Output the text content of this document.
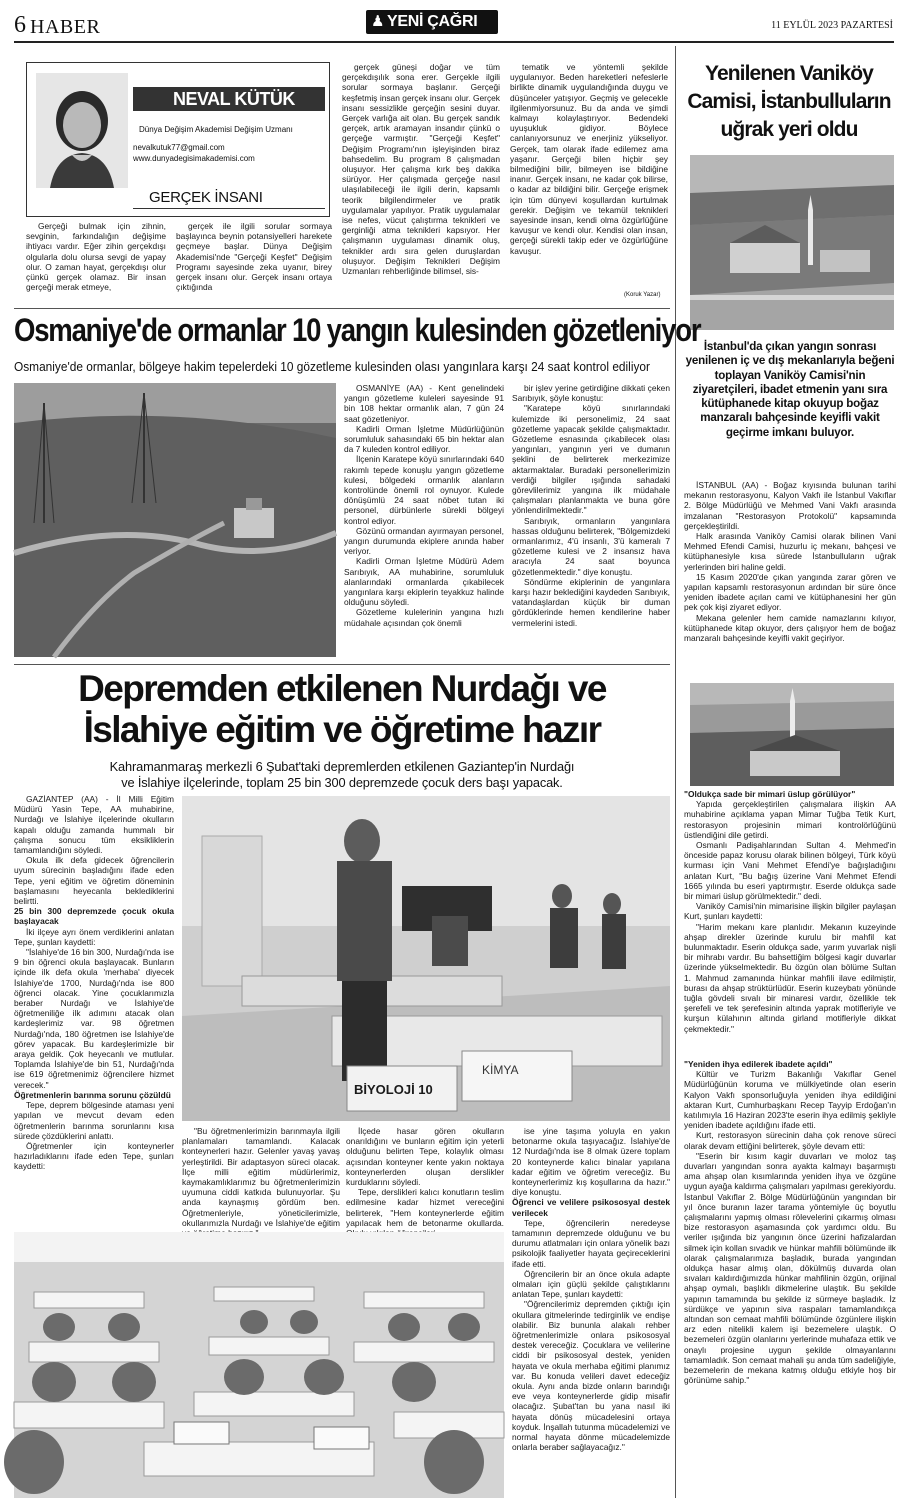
6 HABER	♟ YENİ ÇAĞRI	11 EYLÜL 2023 PAZARTESİ
NEVAL KÜTÜK
Dünya Değişim Akademisi Değişim Uzmanı
nevalkutuk77@gmail.com
www.dunyadegisimakademisi.com
GERÇEK İNSANI

Gerçeği bulmak için zihnin, sevginin, farkındalığın değişime ihtiyacı vardır. Eğer zihin gerçekdışı olgularla dolu olursa sevgi de yapay olur. O zaman hayat, gerçekdışı olur çünkü gerçek olamaz. Bir insan gerçeği merak etmeye,

gerçek ile ilgili sorular sormaya başlayınca beynin potansiyelleri harekete geçmeye başlar. Dünya Değişim Akademisi'nde "Gerçeği Keşfet" Değişim Programı sayesinde zeka uyanır, birey gerçek insanı olur. Gerçek insanı ortaya çıktığında

gerçek güneşi doğar ve tüm gerçekdışılık sona erer. Gerçekle ilgili sorular sormaya başlanır. Gerçeği keşfetmiş insan gerçek insanı olur. Gerçek insanı sessizlikle gerçeğin sesini duyar. Gerçek varlığa ait olan. Bu gerçek sandık gerçek, artık aramayan insandır çünkü o gerçeğe varmıştır. "Gerçeği Keşfet" Değişim Programı'nın işleyişinden biraz bahsedelim. Bu program 8 çalışmadan oluşuyor. Her çalışma kırk beş dakika sürüyor. Her çalışmada gerçeğe nasıl ulaşılabileceği ile ilgili derin, kapsamlı teorik bilgilendirmeler ve pratik uygulamalar yapılıyor. Pratik uygulamalar ise nefes, vücut çalıştırma teknikleri ve gerginliği atma teknikleri kapsıyor. Her çalışmanın uygulaması dinamik oluş, teknikler ardı sıra gelen duruşlardan oluşuyor. Değişim Teknikleri Değişim Uzmanları rehberliğinde bilimsel, sis-

tematik ve yöntemli şekilde uygulanıyor. Beden hareketleri nefeslerle birlikte dinamik uygulandığında duygu ve düşünceler yatışıyor. Geçmiş ve gelecekle ilgilenmiyorsunuz. Bu da anda ve şimdi kalmayı kolaylaştırıyor. Bedendeki uyuşukluk gidiyor. Böylece canlanıyorsunuz ve enerjiniz yükseliyor. Gerçek, tam olarak ifade edilemez ama yaşanır. Gerçeği bilen hiçbir şey bilmediğini bilir, bilmeyen ise bildiğine inanır. Gerçek insanı, ne kadar çok bilirse, o kadar az bildiğini bilir. Gerçeğe erişmek için tüm dünyevi koşullardan kurtulmak gerekir. Değişim ve tekamül teknikleri sayesinde insan, kendi olma özgürlüğüne kavuşur ve kendi olur. Kendisi olan insan, gerçeği sürekli takip eder ve özgürlüğüne kavuşur.

(Koruk Yazar)
Yenilenen Vaniköy Camisi, İstanbulluların uğrak yeri oldu
İstanbul'da çıkan yangın sonrası yenilenen iç ve dış mekanlarıyla beğeni toplayan Vaniköy Camisi'nin ziyaretçileri, ibadet etmenin yanı sıra kütüphanede kitap okuyup boğaz manzaralı bahçesinde keyifli vakit geçirme imkanı buluyor.

İSTANBUL (AA) - Boğaz kıyısında bulunan tarihi mekanın restorasyonu, Kalyon Vakfı ile İstanbul Vakıflar 2. Bölge Müdürlüğü ve Mehmed Vani Vakfı arasında imzalanan "Restorasyon Protokolü" kapsamında gerçekleştirildi.

Halk arasında Vaniköy Camisi olarak bilinen Vani Mehmed Efendi Camisi, huzurlu iç mekanı, bahçesi ve kütüphanesiyle kısa sürede İstanbulluların uğrak yerlerinden biri haline geldi.

15 Kasım 2020'de çıkan yangında zarar gören ve yapılan kapsamlı restorasyonun ardından bir süre önce yeniden ibadete açılan cami ve kütüphanesini her gün pek çok kişi ziyaret ediyor.

Mekana gelenler hem camide namazlarını kılıyor, kütüphanede kitap okuyor, ders çalışıyor hem de boğaz manzaralı bahçesinde keyifli vakit geçiriyor.

"Oldukça sade bir mimari üslup görülüyor"

Yapıda gerçekleştirilen çalışmalara ilişkin AA muhabirine açıklama yapan Mimar Tuğba Tetik Kurt, restorasyon projesinin mimari kontrolörlüğünü üstlendiğini dile getirdi.

Osmanlı Padişahlarından Sultan 4. Mehmed'in önceside papaz korusu olarak bilinen bölgeyi, Türk köyü kurması için Vani Mehmet Efendi'ye bağışladığını anlatan Kurt, "Bu bağış üzerine Vani Mehmet Efendi 1665 yılında bu eseri yaptırmıştır. Eserde oldukça sade bir mimari üslup görülmektedir." dedi.

Vaniköy Camisi'nin mimarisine ilişkin bilgiler paylaşan Kurt, şunları kaydetti:

"Harim mekanı kare planlıdır. Mekanın kuzeyinde ahşap direkler üzerinde kurulu bir mahfil kat bulunmaktadır. Eserin oldukça sade, yarım yuvarlak nişli bir mihrabı vardır. Bu bahsettiğim bölgesi kagir duvarlar üzerinde yükselmektedir. Bu özgün olan bölüme Sultan 1. Mahmud zamanında hünkar mahfili ilave edilmiştir, burası da ahşap strüktürlüdür. Eserin kuzeybatı yönünde tuğla gövdeli sıvalı bir minaresi vardır, özellikle tek şerefeli ve tek şerefesinin altında yaprak motifleriyle ve kurşun külahının altında girland motifleriyle dikkat çekmektedir."

"Yeniden ihya edilerek ibadete açıldı"

Kültür ve Turizm Bakanlığı Vakıflar Genel Müdürlüğünün koruma ve mülkiyetinde olan eserin Kalyon Vakfı sponsorluğuyla yeniden ihya edildiğini aktaran Kurt, Cumhurbaşkanı Recep Tayyip Erdoğan'ın katılımıyla 16 Haziran 2023'te eserin ihya edilmiş şekliyle yeniden ibadete açıldığını ifade etti.

Kurt, restorasyon sürecinin daha çok renove süreci olarak devam ettiğini belirterek, şöyle devam etti:

"Eserin bir kısım kagir duvarları ve moloz taş duvarları yangından sonra ayakta kalmayı başarmıştı ama ahşap olan kısımlarında yeniden ihya ve özgüne uygun ayağa kaldırma çalışmaları yapılması gerekiyordu. İstanbul Vakıflar 2. Bölge Müdürlüğünün yangından bir yıl önce buranın lazer tarama yöntemiyle üç boyutlu çalışmalarını yapmış olması rölevelerini çıkarmış olması bize restorasyon aşamasında çok yardımcı oldu. Bu veriler ışığında biz yangının önce üzerini hafizalardan silmek için kollan sıvadık ve hünkar mahfili bölümünde ilk olarak çalışmalarımıza başladık, burada yangından oldukça hasar almış olan, dökülmüş duvarda olan sıvaları kaldırdığımızda hünkar mahfilinin özgün, orijinal ahşap oymalı, başlıklı dikmelerine ulaştık. Bu şekilde yapının tamamında bu şekilde iz sürmeye başladık. İz sürdükçe ve yapının siva raspaları tamamlandıkça altından son cemaat mahfili bölümünde özgünlere ilişkin arz eden nitelikli kalem işi bezemelere ulaştık. O bezemeleri özgün olanlarını yerlerinde muhafaza ettik ve onaylı projesine uygun şekilde olmayanlarını tamamladık. Son cemaat mahali şu anda tüm sadeliğiyle, bezemelerin de mekana katmış olduğu etkiyle hoş bir görünüme sahip."

Osmaniye'de ormanlar 10 yangın kulesinden gözetleniyor
Osmaniye'de ormanlar, bölgeye hakim tepelerdeki 10 gözetleme kulesinden olası yangınlara karşı 24 saat kontrol ediliyor

OSMANİYE (AA) - Kent genelindeki yangın gözetleme kuleleri sayesinde 91 bin 108 hektar ormanlık alan, 7 gün 24 saat gözetleniyor.

Kadirli Orman İşletme Müdürlüğünün sorumluluk sahasındaki 65 bin hektar alan da 7 kuleden kontrol ediliyor.

İlçenin Karatepe köyü sınırlarındaki 640 rakımlı tepede konuşlu yangın gözetleme kulesi, bölgedeki ormanlık alanların kontrolünde önemli rol oynuyor. Kulede dönüşümlü 24 saat nöbet tutan iki personel, dürbünlerle sürekli bölgeyi kontrol ediyor.

Gözünü ormandan ayırmayan personel, yangın durumunda ekiplere anında haber veriyor.

Kadirli Orman İşletme Müdürü Adem Sarıbıyık, AA muhabirine, sorumluluk alanlarındaki ormanlarda çıkabilecek yangınlara karşı ekiplerin teyakkuz halinde olduğunu söyledi.

Gözetleme kulelerinin yangına hızlı müdahale açısından çok önemli

bir işlev yerine getirdiğine dikkati çeken Sarıbıyık, şöyle konuştu:

"Karatepe köyü sınırlarındaki kulemizde iki personelimiz, 24 saat gözetleme yapacak şekilde çalışmaktadır. Gözetleme esnasında çıkabilecek olası yangınları, yangının yeri ve dumanın şeklini de belirterek merkezimize aktarmaktalar. Buradaki personellerimizin verdiği bilgiler ışığında sahadaki görevlilerimiz yangına ilk müdahale çalışmaları planlanmakta ve buna göre yönlendirilmektedir."

Sarıbıyık, ormanların yangınlara hassas olduğunu belirterek, "Bölgemizdeki ormanlarımız, 4'ü insanlı, 3'ü kameralı 7 gözetleme kulesi ve 2 insansız hava aracıyla 24 saat boyunca gözetlenmektedir." diye konuştu.

Söndürme ekiplerinin de yangınlara karşı hazır beklediğini kaydeden Sarıbıyık, vatandaşlardan küçük bir duman gördüklerinde hemen kendilerine haber vermelerini istedi.

Depremden etkilenen Nurdağı ve
İslahiye eğitim ve öğretime hazır
Kahramanmaraş merkezli 6 Şubat'taki depremlerden etkilenen Gaziantep'in Nurdağı
ve İslahiye ilçelerinde, toplam 25 bin 300 depremzede çocuk ders başı yapacak.

GAZİANTEP (AA) - İl Milli Eğitim Müdürü Yasin Tepe, AA muhabirine, Nurdağı ve İslahiye ilçelerinde okulların kapalı olduğu zamanda hummalı bir çalışma sonucu tüm eksikliklerin tamamlandığını söyledi.

Okula ilk defa gidecek öğrencilerin uyum sürecinin başladığını ifade eden Tepe, yeni eğitim ve öğretim döneminin başlamasını heyecanla beklediklerini belirtti.

25 bin 300 depremzede çocuk okula başlayacak

İki ilçeye ayrı önem verdiklerini anlatan Tepe, şunları kaydetti:

"İslahiye'de 16 bin 300, Nurdağı'nda ise 9 bin öğrenci okula başlayacak. Bunların içinde ilk defa okula 'merhaba' diyecek İslahiye'de 1700, Nurdağı'nda ise 800 öğrenci olacak. Yine çocuklarımızla beraber Nurdağı ve İslahiye'de öğretmeniliğe ilk adımını atacak olan kardeşlerimiz var. 98 öğretmen Nurdağı'nda, 180 öğretmen ise İslahiye'de görev yapacak. Bu kardeşlerimizle bir araya geldik. Çok heyecanlı ve mutlular. Toplamda İslahiye'de bin 51, Nurdağı'nda ise 619 öğretmenimiz öğrencilere hizmet verecek."

Öğretmenlerin barınma sorunu çözüldü

Tepe, deprem bölgesinde ataması yeni yapılan ve mevcut devam eden öğretmenlerin barınma sorunlarını kısa sürede çözdüklerini anlattı.

Öğretmenler için konteynerler hazırladıklarını ifade eden Tepe, şunları kaydetti:

BİYOLOJİ 10
KİMYA

"Bu öğretmenlerimizin barınmayla ilgili planlamaları tamamlandı. Kalacak konteynerleri hazır. Gelenler yavaş yavaş yerleştirildi. Bir adaptasyon süreci olacak. İlçe milli eğitim müdürlerimiz, kaymakamlıklarımız bu öğretmenlerimizin uyumuna ciddi katkıda bulunuyorlar. Şu anda kaynaşmış gördüm ben. Öğretmenleriyle, yöneticilerimizle, okullarımızla Nurdağı ve İslahiye'de eğitim

İlçede hasar gören okulların onarıldığını ve bunların eğitim için yeterli olduğunu belirten Tepe, kolaylık olması açısından konteyner kente yakın noktaya konteynerlerden oluşan derslikler kurduklarını söyledi.

Tepe, derslikleri kalıcı konutların teslim edilmesine kadar hizmet vereceğini belirterek, "Hem konteynerlerde eğitim yapılacak hem de betonarme okullarda.

ise yine taşıma yoluyla en yakın betonarme okula taşıyacağız. İslahiye'de 12 Nurdağı'nda ise 8 olmak üzere toplam 20 konteynerde kalıcı binalar yapılana kadar eğitim ve öğretim vereceğiz. Bu konteynerlerimiz kış koşullarına da hazır." diye konuştu.

Öğrenci ve velilere psikososyal destek verilecek

Tepe, öğrencilerin neredeyse tamamının depremzede olduğunu ve bu durumu atlatmaları için onlara yönelik bazı psikolojik faaliyetler hayata geçireceklerini ifade etti.

Öğrencilerin bir an önce okula adapte olmaları için güçlü şekilde çalıştıklarını anlatan Tepe, şunları kaydetti:

"Öğrencilerimiz depremden çıktığı için okullara gitmelerinde tedirginlik ve endişe olabilir. Biz bununla alakalı rehber öğretmenlerimizle onlara psikososyal destek vereceğiz. Çocuklara ve velilerine ciddi bir psikososyal destek, yeniden hayata ve okula merhaba eğitimi planımız var. Bu konuda velileri davet edeceğiz okula. Aynı anda bizde onların barındığı eve veya konteynerlerde gidip misafir olacağız. Şubat'tan bu yana nasıl iki hayata dönüş mücadelesini ortaya koyduk. İnşallah tutunma mücadelemizi ve normal hayata dönme mücadelemizde onlarla beraber sağlayacağız."
